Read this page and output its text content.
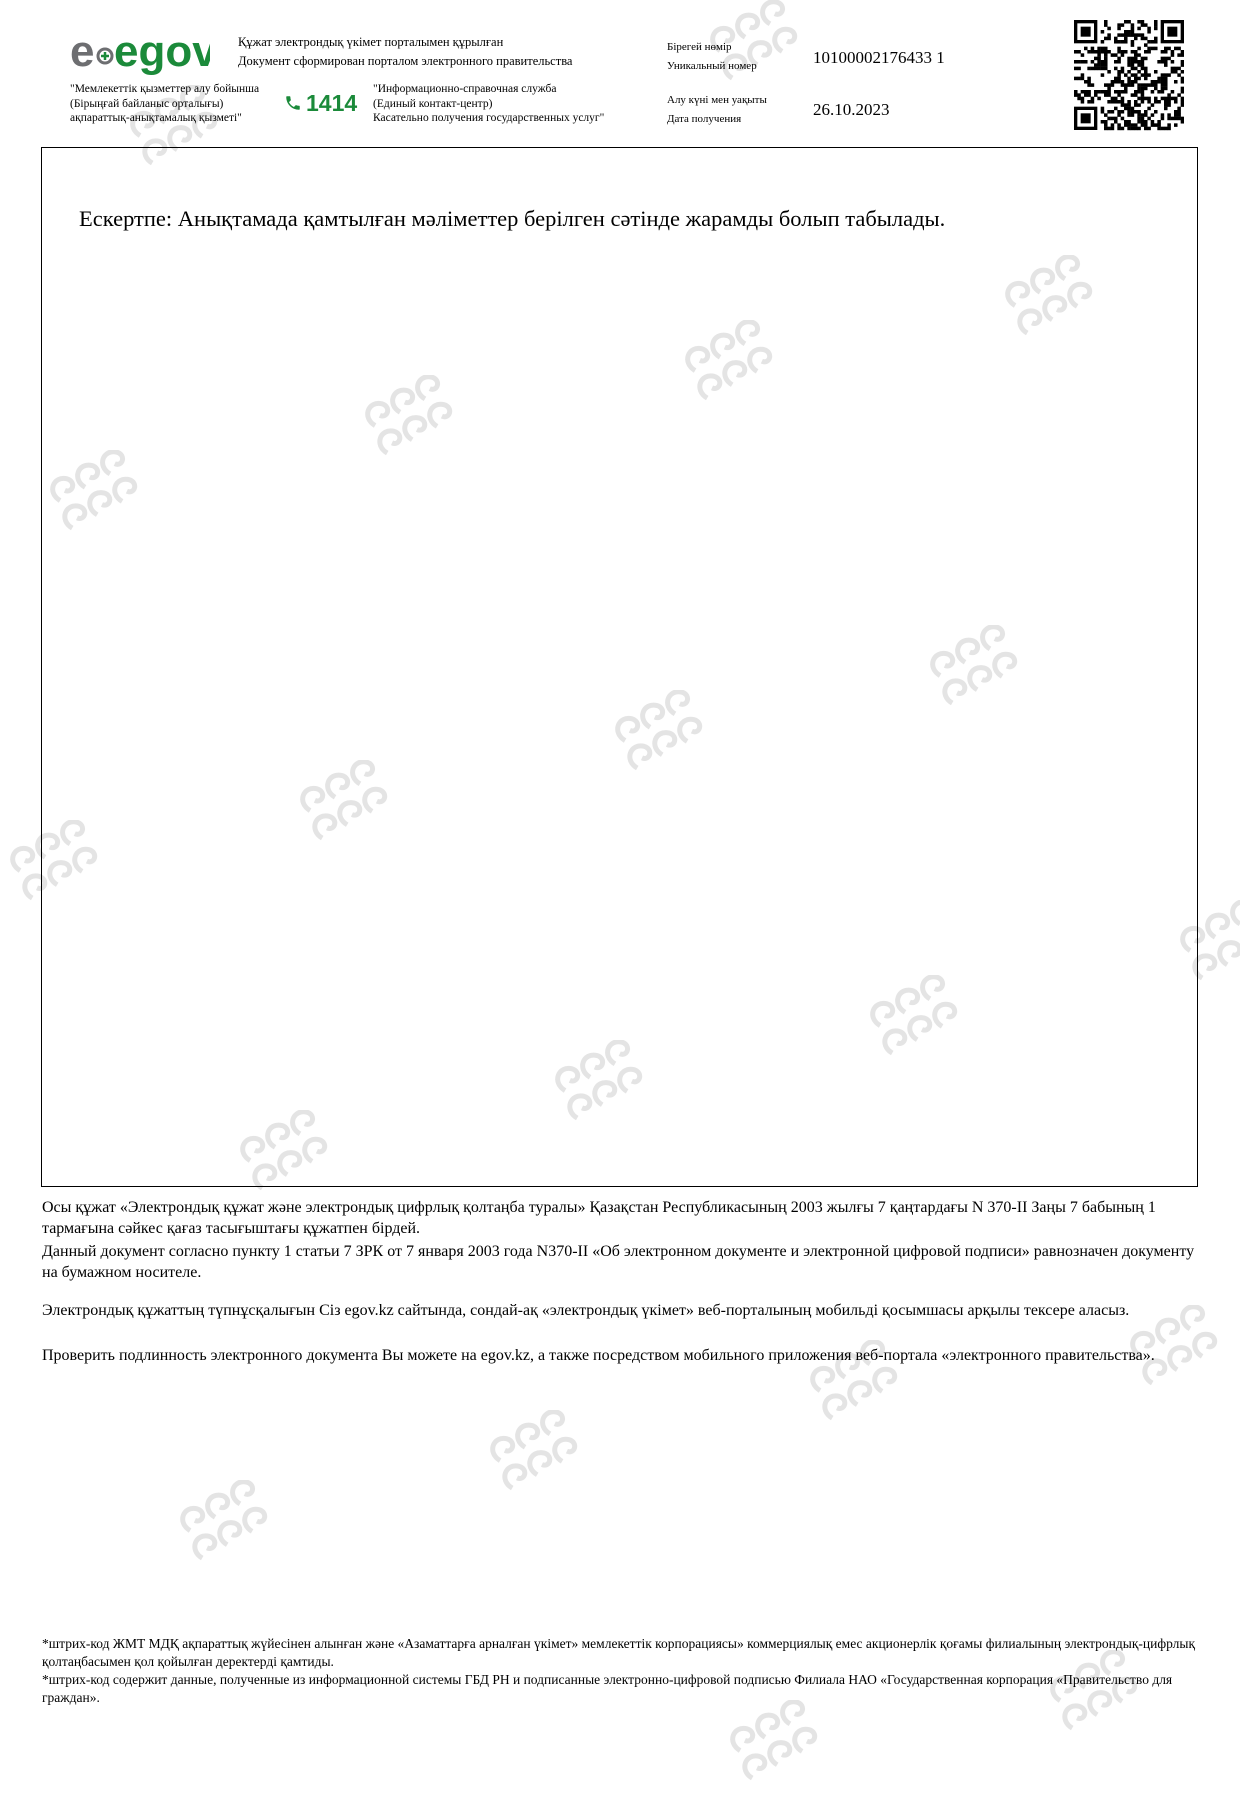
e egov Құжат электрондық үкімет порталымен құрылған
Документ сформирован порталом электронного правительства
"Мемлекеттік қызметтер алу бойынша
(Бірыңғай байланыс орталығы)
ақпараттық-анықтамалық қызметі"
1414
"Информационно-справочная служба
(Единый контакт-центр)
Касательно получения государственных услуг"
Бірегей нөмір
Уникальный номер	10100002176433 1
Алу күні мен уақыты
Дата получения	26.10.2023
Ескертпе: Анықтамада қамтылған мәліметтер берілген сәтінде жарамды болып табылады.
Осы құжат «Электрондық құжат және электрондық цифрлық қолтаңба туралы» Қазақстан Республикасының 2003 жылғы 7 қаңтардағы N 370-II Заңы 7 бабының 1 тармағына сәйкес қағаз тасығыштағы құжатпен бірдей.
Данный документ согласно пункту 1 статьи 7 ЗРК от 7 января 2003 года N370-II «Об электронном документе и электронной цифровой подписи» равнозначен документу на бумажном носителе.
Электрондық құжаттың түпнұсқалығын Сіз egov.kz сайтында, сондай-ақ «электрондық үкімет» веб-порталының мобильді қосымшасы арқылы тексере аласыз.
Проверить подлинность электронного документа Вы можете на egov.kz, а также посредством мобильного приложения веб-портала «электронного правительства».
*штрих-код ЖМТ МДҚ ақпараттық жүйесінен алынған және «Азаматтарға арналған үкімет» мемлекеттік корпорациясы» коммерциялық емес акционерлік қоғамы филиалының электрондық-цифрлық қолтаңбасымен қол қойылған деректерді қамтиды.
*штрих-код содержит данные, полученные из информационной системы ГБД РН и подписанные электронно-цифровой подписью Филиала НАО «Государственная корпорация «Правительство для граждан».
